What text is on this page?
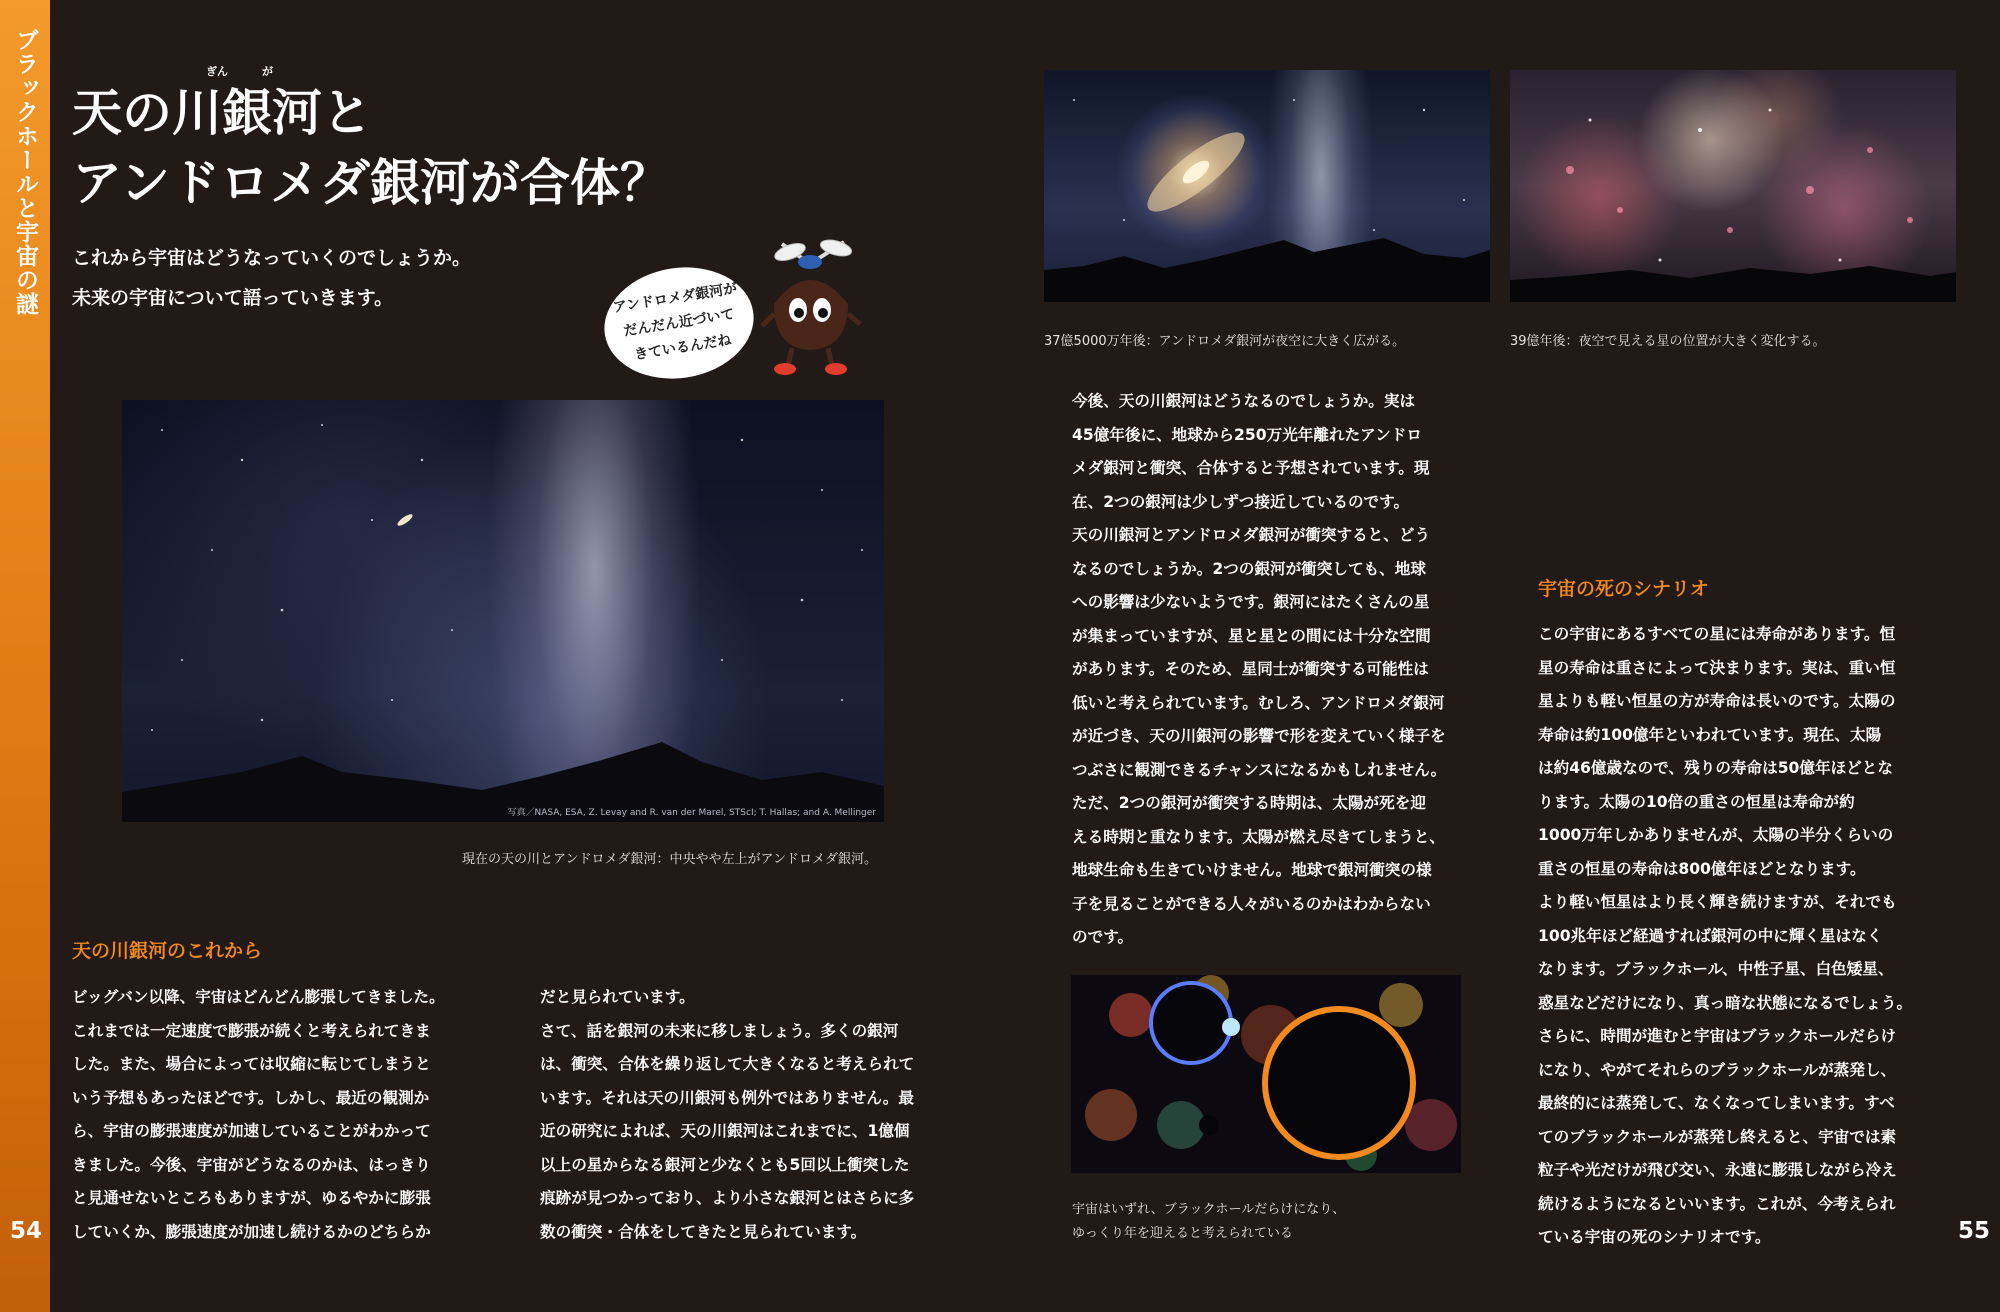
ブラックホールと宇宙の謎
54	55
天の川銀河と
ぎん	が
アンドロメダ銀河が合体？
これから宇宙はどうなっていくのでしょうか。
未来の宇宙について語っていきます。	アンドロメダ銀河が
だんだん近づいて
きているんだね
写真／NASA, ESA, Z. Levay and R. van der Marel, STScI; T. Hallas; and A. Mellinger
現在の天の川とアンドロメダ銀河：中央やや左上がアンドロメダ銀河。
37億5000万年後：アンドロメダ銀河が夜空に大きく広がる。	39億年後：夜空で見える星の位置が大きく変化する。
天の川銀河のこれから
ビッグバン以降、宇宙はどんどん膨張してきました。
これまでは一定速度で膨張が続くと考えられてきま
した。また、場合によっては収縮に転じてしまうと
いう予想もあったほどです。しかし、最近の観測か
ら、宇宙の膨張速度が加速していることがわかって
きました。今後、宇宙がどうなるのかは、はっきり
と見通せないところもありますが、ゆるやかに膨張
していくか、膨張速度が加速し続けるかのどちらか
だと見られています。
さて、話を銀河の未来に移しましょう。多くの銀河
は、衝突、合体を繰り返して大きくなると考えられて
います。それは天の川銀河も例外ではありません。最
近の研究によれば、天の川銀河はこれまでに、1億個
以上の星からなる銀河と少なくとも5回以上衝突した
痕跡が見つかっており、より小さな銀河とはさらに多
数の衝突・合体をしてきたと見られています。
今後、天の川銀河はどうなるのでしょうか。実は
45億年後に、地球から250万光年離れたアンドロ
メダ銀河と衝突、合体すると予想されています。現
在、2つの銀河は少しずつ接近しているのです。
天の川銀河とアンドロメダ銀河が衝突すると、どう
なるのでしょうか。2つの銀河が衝突しても、地球
への影響は少ないようです。銀河にはたくさんの星
が集まっていますが、星と星との間には十分な空間
があります。そのため、星同士が衝突する可能性は
低いと考えられています。むしろ、アンドロメダ銀河
が近づき、天の川銀河の影響で形を変えていく様子を
つぶさに観測できるチャンスになるかもしれません。
ただ、2つの銀河が衝突する時期は、太陽が死を迎
える時期と重なります。太陽が燃え尽きてしまうと、
地球生命も生きていけません。地球で銀河衝突の様
子を見ることができる人々がいるのかはわからない
のです。
宇宙はいずれ、ブラックホールだらけになり、
ゆっくり年を迎えると考えられている
宇宙の死のシナリオ
この宇宙にあるすべての星には寿命があります。恒
星の寿命は重さによって決まります。実は、重い恒
星よりも軽い恒星の方が寿命は長いのです。太陽の
寿命は約100億年といわれています。現在、太陽
は約46億歳なので、残りの寿命は50億年ほどとな
ります。太陽の10倍の重さの恒星は寿命が約
1000万年しかありませんが、太陽の半分くらいの
重さの恒星の寿命は800億年ほどとなります。
より軽い恒星はより長く輝き続けますが、それでも
100兆年ほど経過すれば銀河の中に輝く星はなく
なります。ブラックホール、中性子星、白色矮星、
惑星などだけになり、真っ暗な状態になるでしょう。
さらに、時間が進むと宇宙はブラックホールだらけ
になり、やがてそれらのブラックホールが蒸発し、
最終的には蒸発して、なくなってしまいます。すべ
てのブラックホールが蒸発し終えると、宇宙では素
粒子や光だけが飛び交い、永遠に膨張しながら冷え
続けるようになるといいます。これが、今考えられ
ている宇宙の死のシナリオです。
